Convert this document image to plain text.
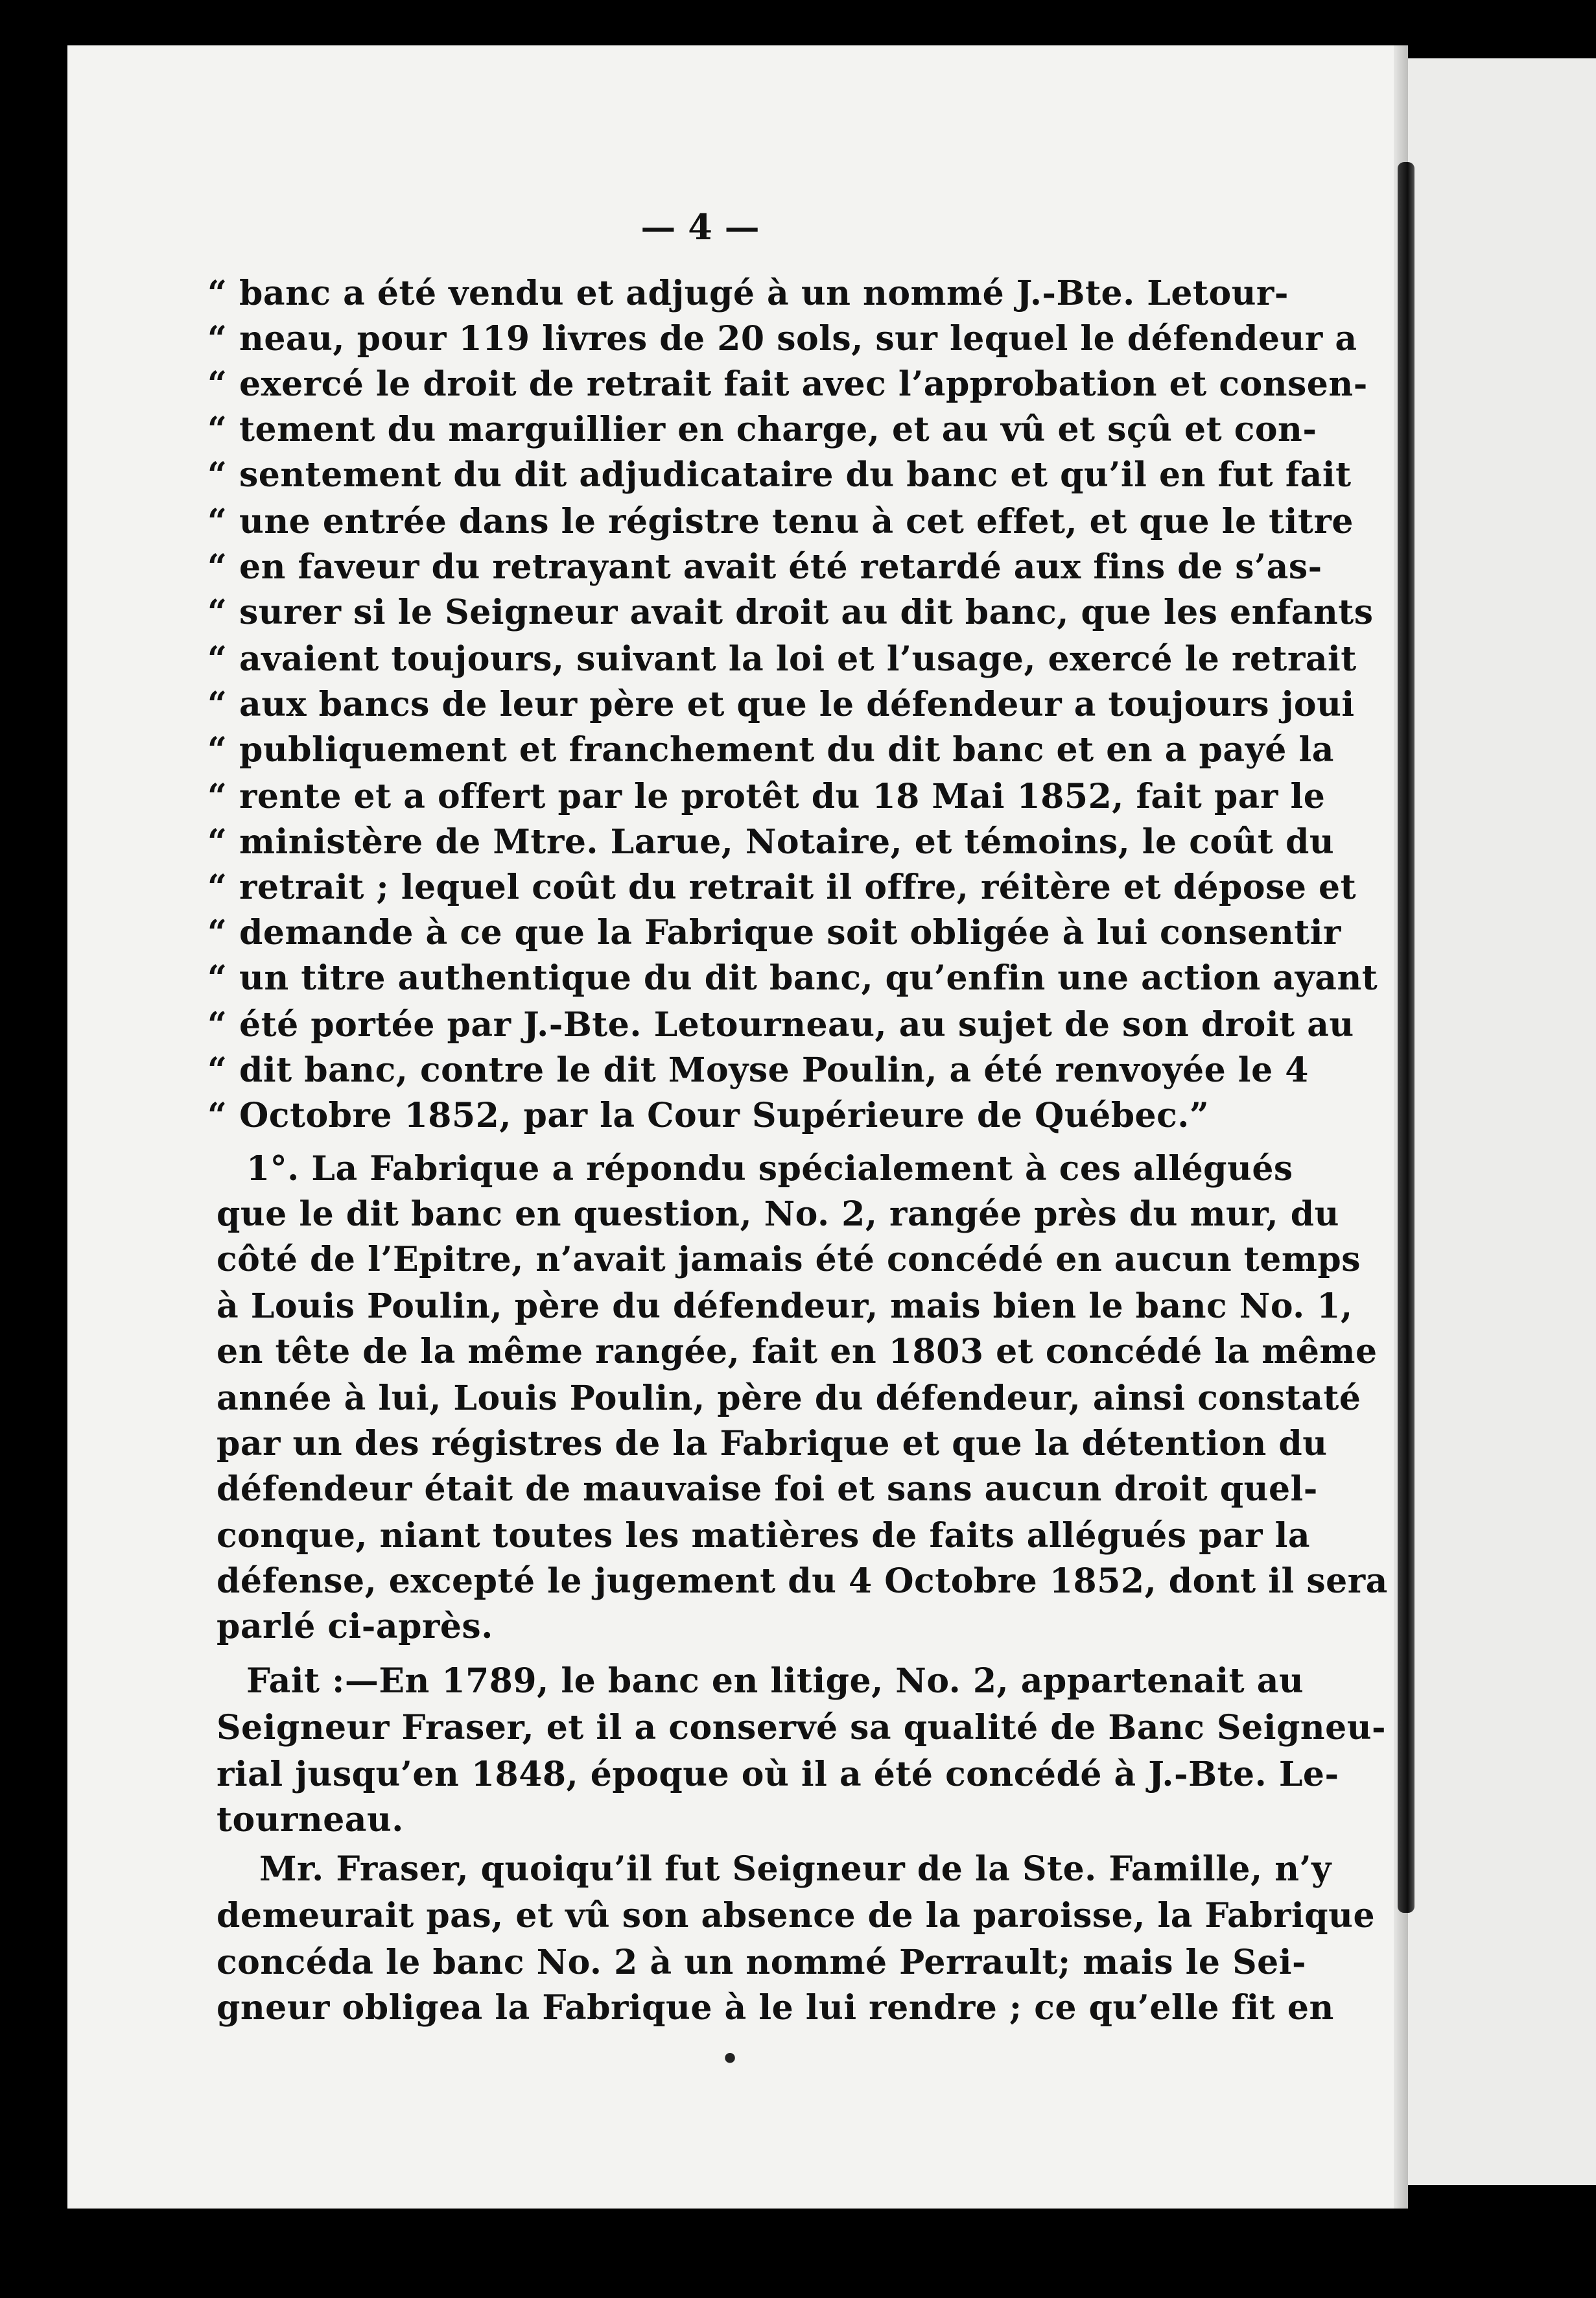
— 4 —
“ banc a été vendu et adjugé à un nommé J.-Bte. Letour-
“ neau, pour 119 livres de 20 sols, sur lequel le défendeur a
“ exercé le droit de retrait fait avec l’approbation et consen-
“ tement du marguillier en charge, et au vû et sçû et con-
“ sentement du dit adjudicataire du banc et qu’il en fut fait
“ une entrée dans le régistre tenu à cet effet, et que le titre
“ en faveur du retrayant avait été retardé aux fins de s’as-
“ surer si le Seigneur avait droit au dit banc, que les enfants
“ avaient toujours, suivant la loi et l’usage, exercé le retrait
“ aux bancs de leur père et que le défendeur a toujours joui
“ publiquement et franchement du dit banc et en a payé la
“ rente et a offert par le protêt du 18 Mai 1852, fait par le
“ ministère de Mtre. Larue, Notaire, et témoins, le coût du
“ retrait ; lequel coût du retrait il offre, réitère et dépose et
“ demande à ce que la Fabrique soit obligée à lui consentir
“ un titre authentique du dit banc, qu’enfin une action ayant
“ été portée par J.-Bte. Letourneau, au sujet de son droit au
“ dit banc, contre le dit Moyse Poulin, a été renvoyée le 4
“ Octobre 1852, par la Cour Supérieure de Québec.”
1°. La Fabrique a répondu spécialement à ces allégués
que le dit banc en question, No. 2, rangée près du mur, du
côté de l’Epitre, n’avait jamais été concédé en aucun temps
à Louis Poulin, père du défendeur, mais bien le banc No. 1,
en tête de la même rangée, fait en 1803 et concédé la même
année à lui, Louis Poulin, père du défendeur, ainsi constaté
par un des régistres de la Fabrique et que la détention du
défendeur était de mauvaise foi et sans aucun droit quel-
conque, niant toutes les matières de faits allégués par la
défense, excepté le jugement du 4 Octobre 1852, dont il sera
parlé ci-après.
Fait :—En 1789, le banc en litige, No. 2, appartenait au
Seigneur Fraser, et il a conservé sa qualité de Banc Seigneu-
rial jusqu’en 1848, époque où il a été concédé à J.-Bte. Le-
tourneau.
Mr. Fraser, quoiqu’il fut Seigneur de la Ste. Famille, n’y
demeurait pas, et vû son absence de la paroisse, la Fabrique
concéda le banc No. 2 à un nommé Perrault; mais le Sei-
gneur obligea la Fabrique à le lui rendre ; ce qu’elle fit en
•
